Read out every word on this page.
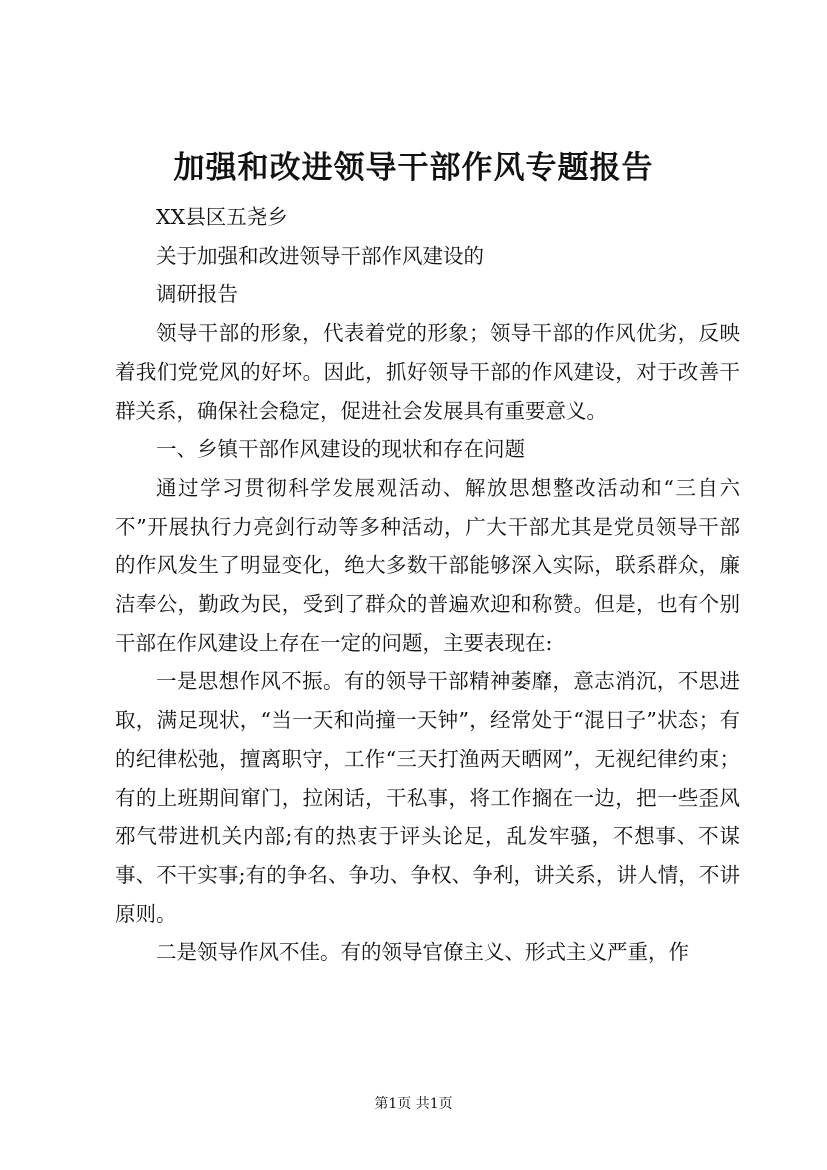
加强和改进领导干部作风专题报告

XX县区五尧乡

关于加强和改进领导干部作风建设的

调研报告

领导干部的形象，代表着党的形象；领导干部的作风优劣，反映着我们党党风的好坏。因此，抓好领导干部的作风建设，对于改善干群关系，确保社会稳定，促进社会发展具有重要意义。

一、乡镇干部作风建设的现状和存在问题

通过学习贯彻科学发展观活动、解放思想整改活动和“三自六不”开展执行力亮剑行动等多种活动，广大干部尤其是党员领导干部的作风发生了明显变化，绝大多数干部能够深入实际，联系群众，廉洁奉公，勤政为民，受到了群众的普遍欢迎和称赞。但是，也有个别干部在作风建设上存在一定的问题，主要表现在:

一是思想作风不振。有的领导干部精神萎靡，意志消沉，不思进取，满足现状，“当一天和尚撞一天钟”，经常处于“混日子”状态；有的纪律松弛，擅离职守，工作“三天打渔两天晒网”，无视纪律约束；有的上班期间窜门，拉闲话，干私事，将工作搁在一边，把一些歪风邪气带进机关内部;有的热衷于评头论足，乱发牢骚，不想事、不谋事、不干实事;有的争名、争功、争权、争利，讲关系，讲人情，不讲原则。

二是领导作风不佳。有的领导官僚主义、形式主义严重，作

第1页 共1页
